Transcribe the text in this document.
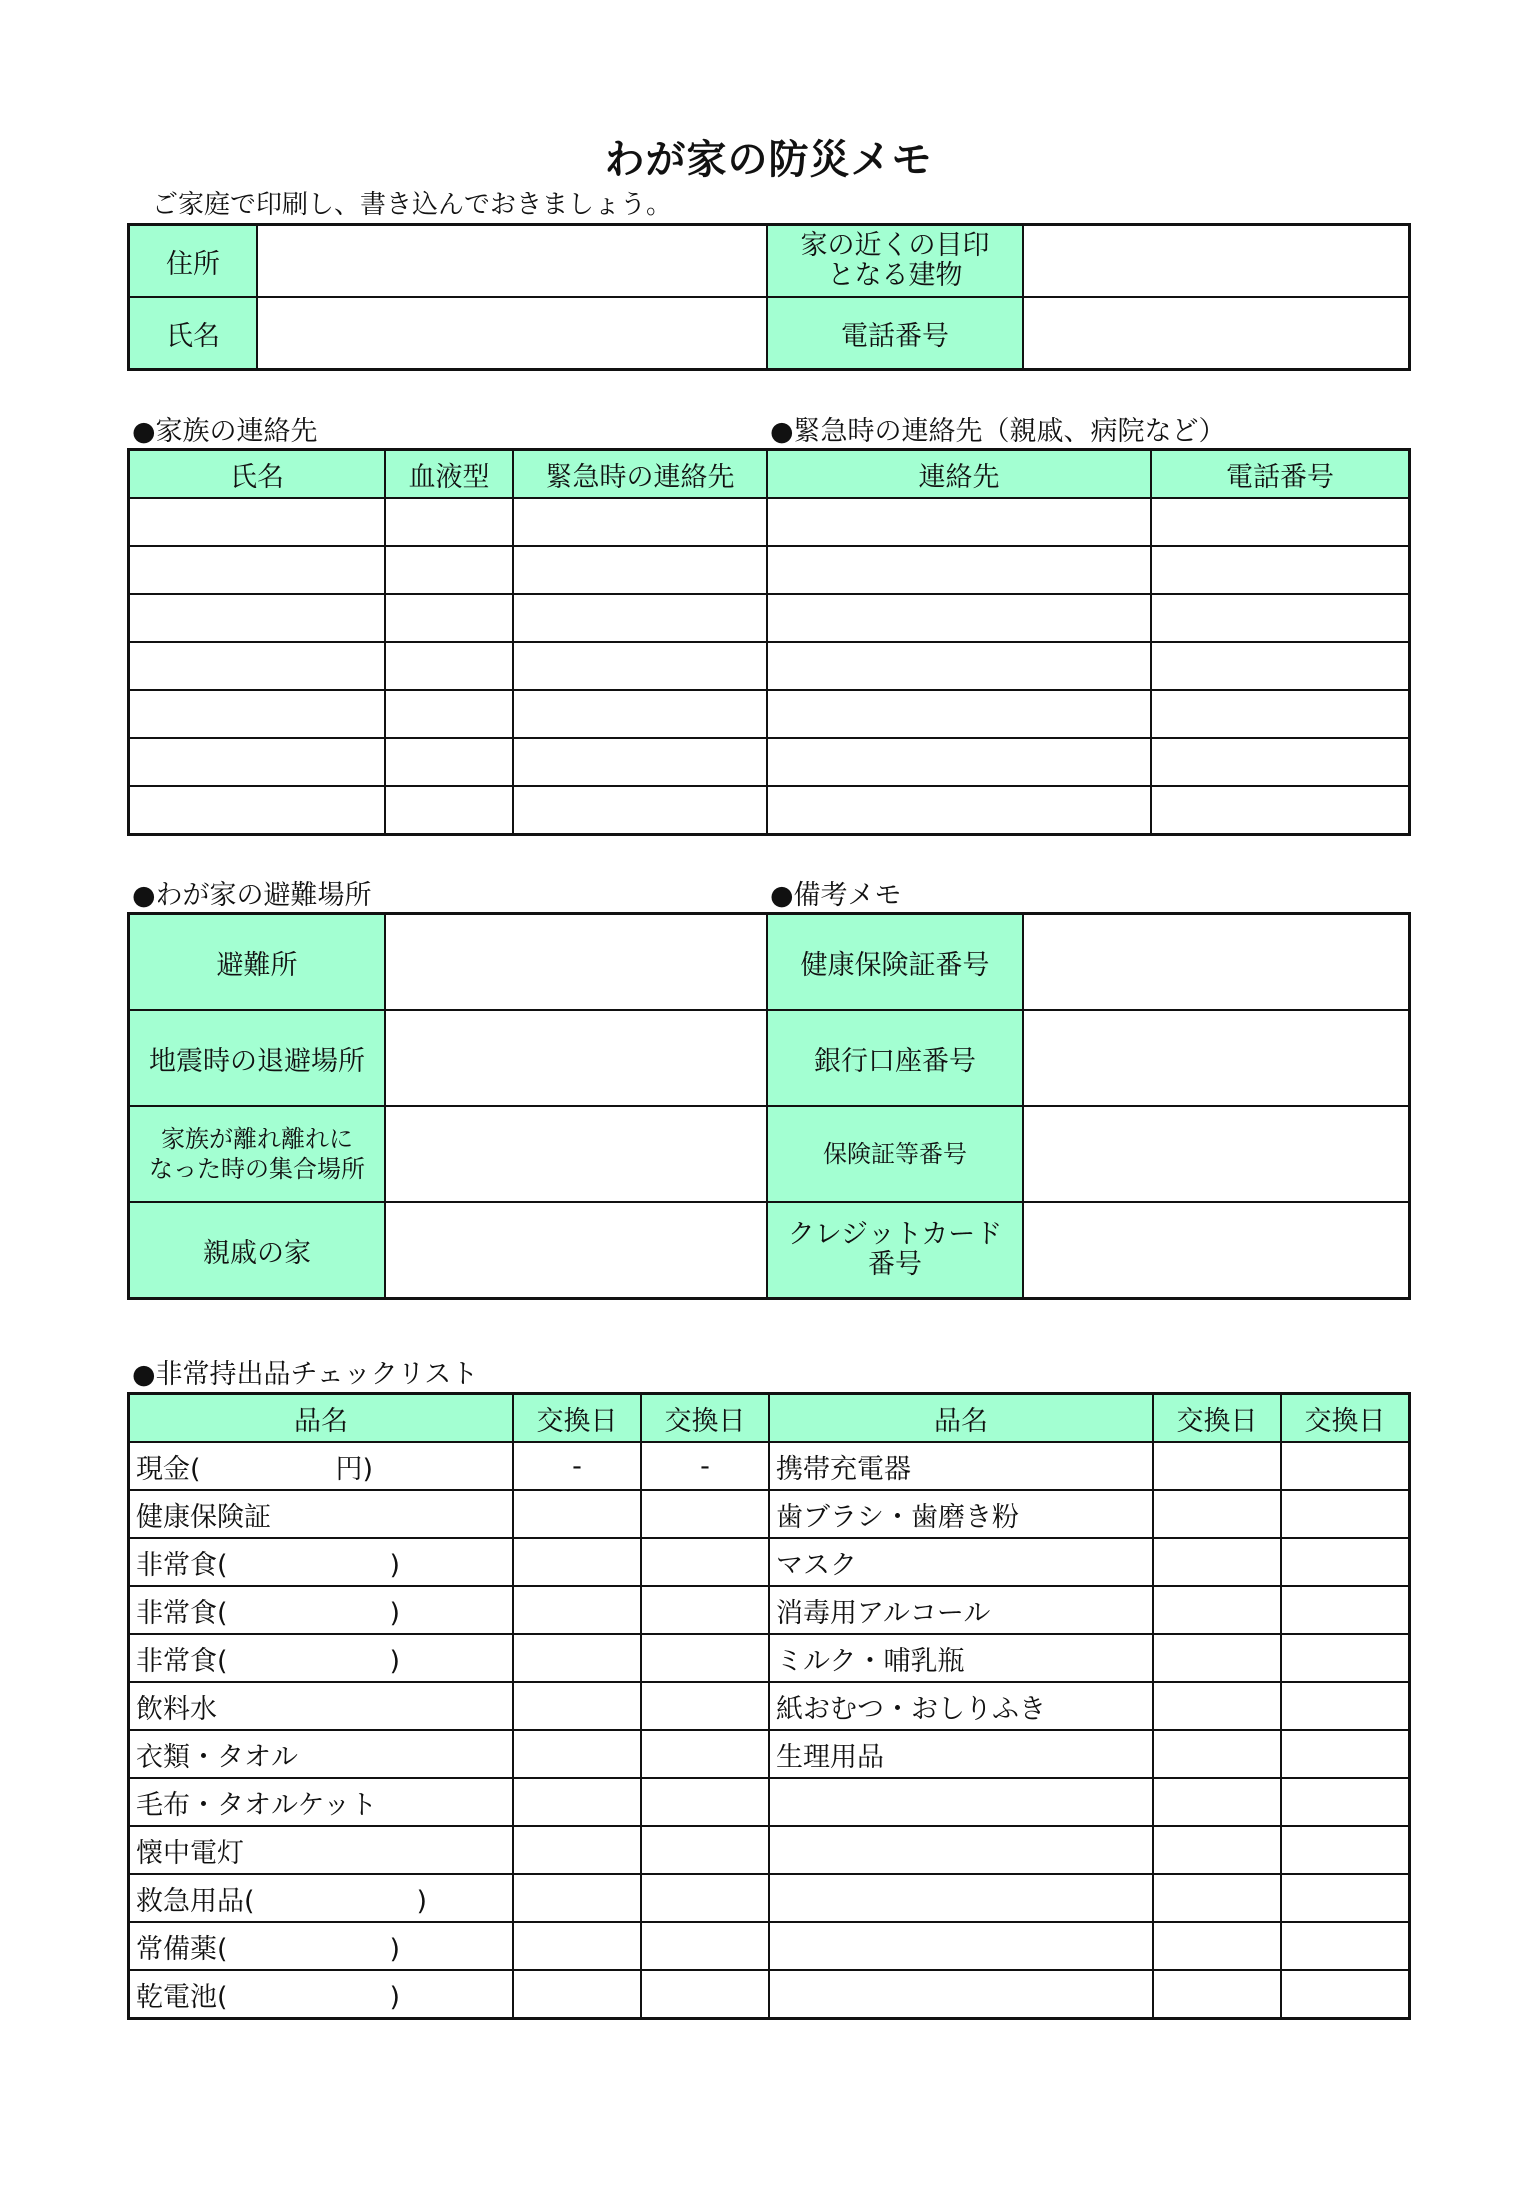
わが家の防災メモ
ご家庭で印刷し、書き込んでおきましょう。
住所		家の近くの目印
となる建物	
氏名		電話番号	
●家族の連絡先	●緊急時の連絡先（親戚、病院など）
氏名	血液型	緊急時の連絡先	連絡先	電話番号

●わが家の避難場所	●備考メモ
避難所		健康保険証番号	
地震時の退避場所		銀行口座番号	
家族が離れ離れに
なった時の集合場所		保険証等番号	
親戚の家		クレジットカード
番号	
●非常持出品チェックリスト
品名	交換日	交換日	品名	交換日	交換日
現金(　　　　　円)	-	-	携帯充電器		
健康保険証			歯ブラシ・歯磨き粉		
非常食(　　　　　　)			マスク		
非常食(　　　　　　)			消毒用アルコール		
非常食(　　　　　　)			ミルク・哺乳瓶		
飲料水			紙おむつ・おしりふき		
衣類・タオル			生理用品		
毛布・タオルケット					
懐中電灯					
救急用品(　　　　　　)					
常備薬(　　　　　　)					
乾電池(　　　　　　)					
